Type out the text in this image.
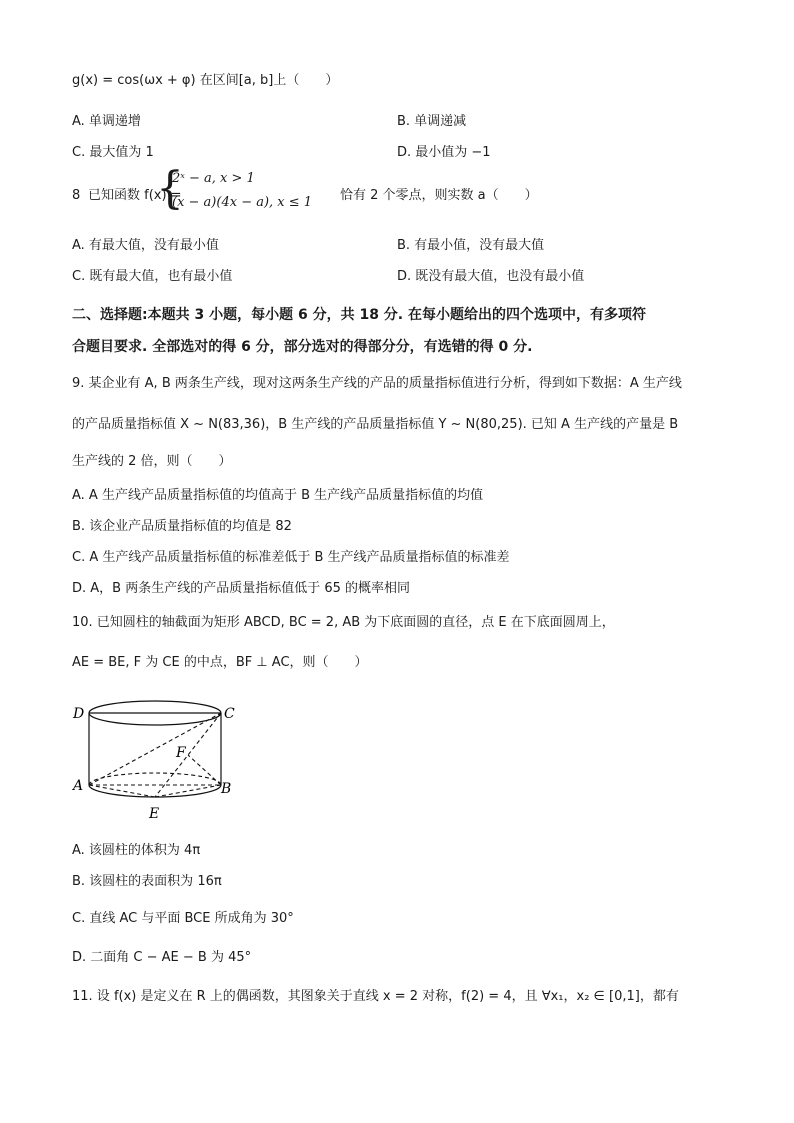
g(x) = cos(ωx + φ) 在区间[a, b]上（　　）
A. 单调递增	B. 单调递减
C. 最大值为 1	D. 最小值为 −1
8 已知函数 f(x) =
{
2ˣ − a, x > 1
(x − a)(4x − a), x ≤ 1 恰有 2 个零点，则实数 a（　　）
A. 有最大值，没有最小值	B. 有最小值，没有最大值
C. 既有最大值，也有最小值	D. 既没有最大值，也没有最小值
二、选择题:本题共 3 小题，每小题 6 分，共 18 分. 在每小题给出的四个选项中，有多项符
合题目要求. 全部选对的得 6 分，部分选对的得部分分，有选错的得 0 分.
9. 某企业有 A, B 两条生产线，现对这两条生产线的产品的质量指标值进行分析，得到如下数据：A 生产线
的产品质量指标值 X ~ N(83,36)，B 生产线的产品质量指标值 Y ~ N(80,25). 已知 A 生产线的产量是 B
生产线的 2 倍，则（　　）
A. A 生产线产品质量指标值的均值高于 B 生产线产品质量指标值的均值
B. 该企业产品质量指标值的均值是 82
C. A 生产线产品质量指标值的标准差低于 B 生产线产品质量指标值的标准差
D. A，B 两条生产线的产品质量指标值低于 65 的概率相同
10. 已知圆柱的轴截面为矩形 ABCD, BC = 2, AB 为下底面圆的直径，点 E 在下底面圆周上，
AE = BE, F 为 CE 的中点，BF ⊥ AC，则（　　）
D	C
F
A	B
E
A. 该圆柱的体积为 4π
B. 该圆柱的表面积为 16π
C. 直线 AC 与平面 BCE 所成角为 30°
D. 二面角 C − AE − B 为 45°
11. 设 f(x) 是定义在 R 上的偶函数，其图象关于直线 x = 2 对称，f(2) = 4，且 ∀x₁，x₂ ∈ [0,1]，都有
